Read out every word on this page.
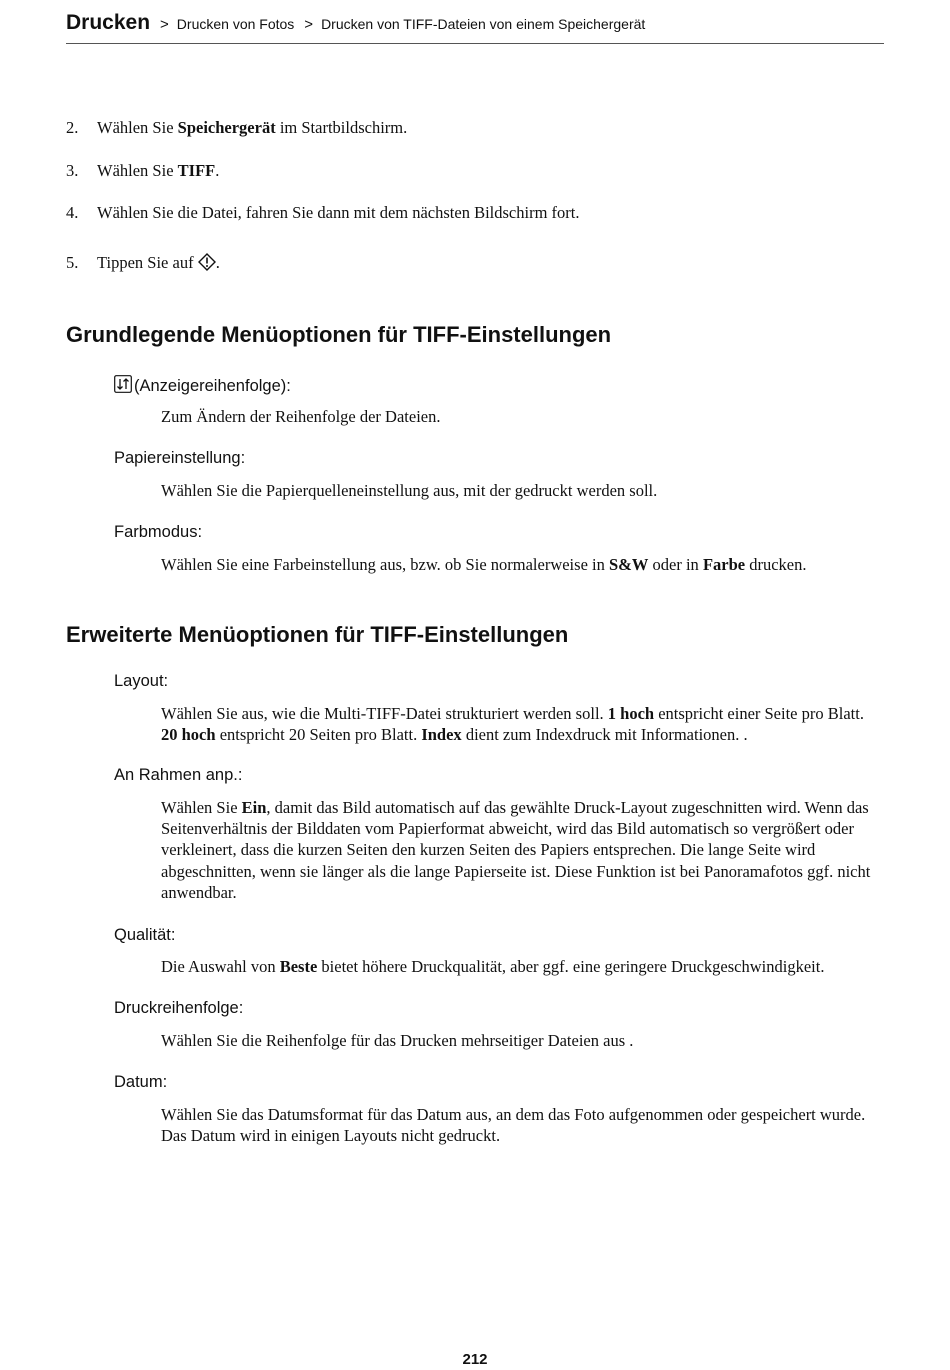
Drucken > Drucken von Fotos > Drucken von TIFF-Dateien von einem Speichergerät
2. Wählen Sie Speichergerät im Startbildschirm.
3. Wählen Sie TIFF.
4. Wählen Sie die Datei, fahren Sie dann mit dem nächsten Bildschirm fort.
5. Tippen Sie auf .
Grundlegende Menüoptionen für TIFF-Einstellungen
(Anzeigereihenfolge):
Zum Ändern der Reihenfolge der Dateien.
Papiereinstellung:
Wählen Sie die Papierquelleneinstellung aus, mit der gedruckt werden soll.
Farbmodus:
Wählen Sie eine Farbeinstellung aus, bzw. ob Sie normalerweise in S&W oder in Farbe drucken.
Erweiterte Menüoptionen für TIFF-Einstellungen
Layout:
Wählen Sie aus, wie die Multi-TIFF-Datei strukturiert werden soll. 1 hoch entspricht einer Seite pro Blatt. 20 hoch entspricht 20 Seiten pro Blatt. Index dient zum Indexdruck mit Informationen. .
An Rahmen anp.:
Wählen Sie Ein, damit das Bild automatisch auf das gewählte Druck-Layout zugeschnitten wird. Wenn das Seitenverhältnis der Bilddaten vom Papierformat abweicht, wird das Bild automatisch so vergrößert oder verkleinert, dass die kurzen Seiten den kurzen Seiten des Papiers entsprechen. Die lange Seite wird abgeschnitten, wenn sie länger als die lange Papierseite ist. Diese Funktion ist bei Panoramafotos ggf. nicht anwendbar.
Qualität:
Die Auswahl von Beste bietet höhere Druckqualität, aber ggf. eine geringere Druckgeschwindigkeit.
Druckreihenfolge:
Wählen Sie die Reihenfolge für das Drucken mehrseitiger Dateien aus .
Datum:
Wählen Sie das Datumsformat für das Datum aus, an dem das Foto aufgenommen oder gespeichert wurde. Das Datum wird in einigen Layouts nicht gedruckt.
212
